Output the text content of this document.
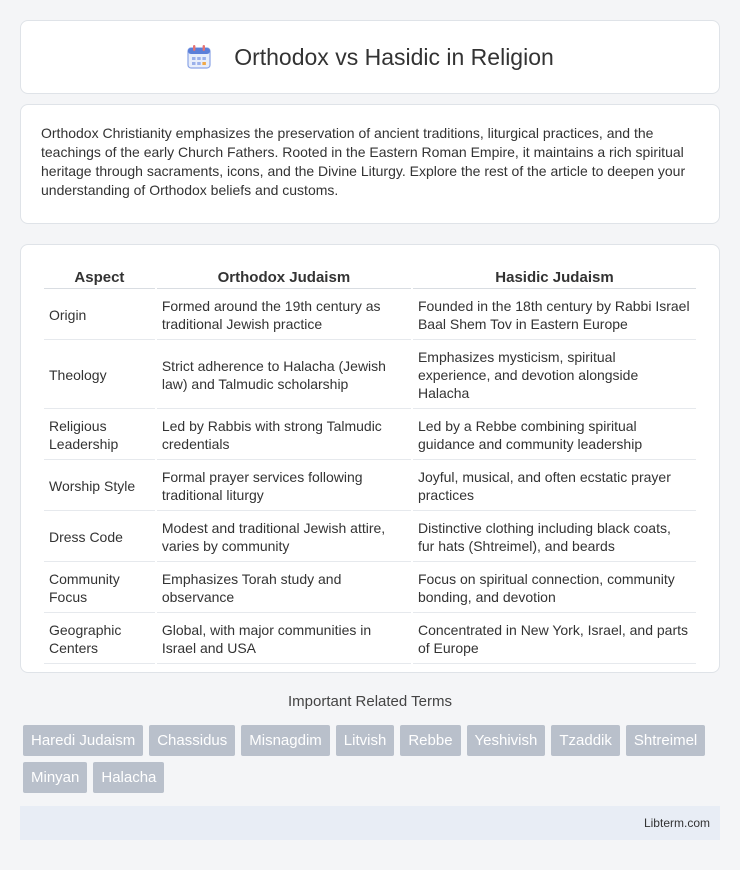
Orthodox vs Hasidic in Religion

Orthodox Christianity emphasizes the preservation of ancient traditions, liturgical practices, and the teachings of the early Church Fathers. Rooted in the Eastern Roman Empire, it maintains a rich spiritual heritage through sacraments, icons, and the Divine Liturgy. Explore the rest of the article to deepen your understanding of Orthodox beliefs and customs.

Aspect	Orthodox Judaism	Hasidic Judaism
Origin	Formed around the 19th century as traditional Jewish practice	Founded in the 18th century by Rabbi Israel Baal Shem Tov in Eastern Europe
Theology	Strict adherence to Halacha (Jewish law) and Talmudic scholarship	Emphasizes mysticism, spiritual experience, and devotion alongside Halacha
Religious Leadership	Led by Rabbis with strong Talmudic credentials	Led by a Rebbe combining spiritual guidance and community leadership
Worship Style	Formal prayer services following traditional liturgy	Joyful, musical, and often ecstatic prayer practices
Dress Code	Modest and traditional Jewish attire, varies by community	Distinctive clothing including black coats, fur hats (Shtreimel), and beards
Community Focus	Emphasizes Torah study and observance	Focus on spiritual connection, community bonding, and devotion
Geographic Centers	Global, with major communities in Israel and USA	Concentrated in New York, Israel, and parts of Europe
Important Related Terms
Haredi Judaism	Chassidus	Misnagdim	Litvish	Rebbe	Yeshivish	Tzaddik	Shtreimel
Minyan	Halacha
Libterm.com
